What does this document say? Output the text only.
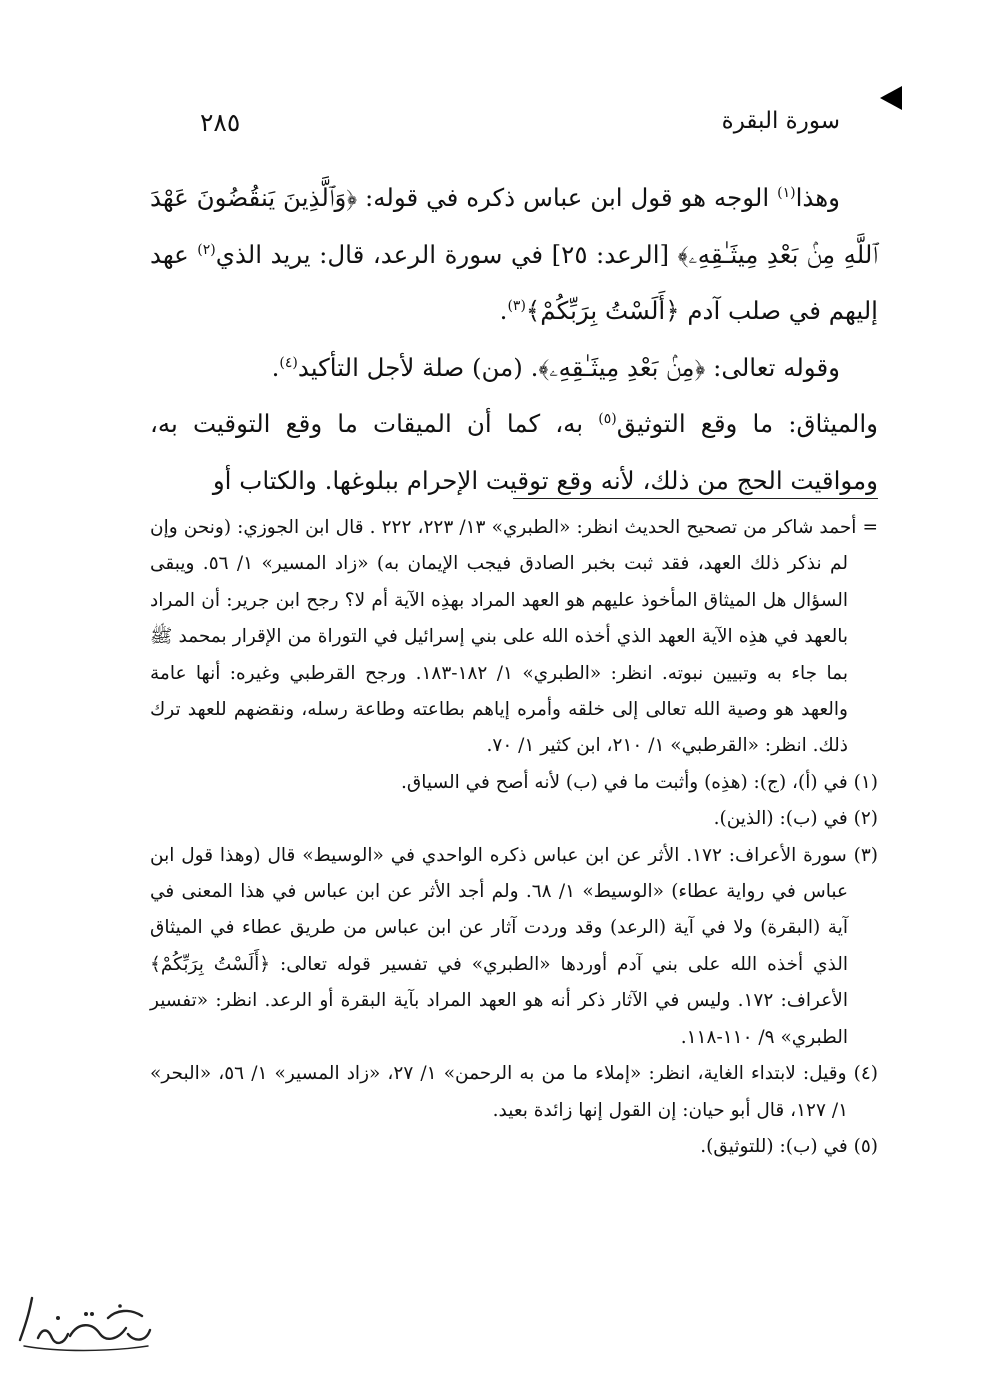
سورة البقرة
٢٨٥

وهذا$^{(١)}$ الوجه هو قول ابن عباس ذكره في قوله: ﴿وَٱلَّذِينَ يَنقُضُونَ عَهْدَ ٱللَّهِ مِنۢ بَعْدِ مِيثَـٰقِهِۦ﴾ [الرعد: ٢٥] في سورة الرعد، قال: يريد الذي$^{(٢)}$ عهد إليهم في صلب آدم ﴿أَلَسْتُ بِرَبِّكُمْ﴾$^{(٣)}$.

وقوله تعالى: ﴿مِنۢ بَعْدِ مِيثَـٰقِهِۦ﴾. (من) صلة لأجل التأكيد$^{(٤)}$.

والميثاق: ما وقع التوثيق$^{(٥)}$ به، كما أن الميقات ما وقع التوقيت به، ومواقيت الحج من ذلك، لأنه وقع توقيت الإحرام ببلوغها. والكتاب أو

= أحمد شاكر من تصحيح الحديث انظر: «الطبري» ١٣/ ٢٢٣، ٢٢٢ . قال ابن الجوزي: (ونحن وإن لم نذكر ذلك العهد، فقد ثبت بخبر الصادق فيجب الإيمان به) «زاد المسير» ١/ ٥٦. ويبقى السؤال هل الميثاق المأخوذ عليهم هو العهد المراد بهذِه الآية أم لا؟ رجح ابن جرير: أن المراد بالعهد في هذِه الآية العهد الذي أخذه الله على بني إسرائيل في التوراة من الإقرار بمحمد ﷺ بما جاء به وتبيين نبوته. انظر: «الطبري» ١/ ١٨٢-١٨٣. ورجح القرطبي وغيره: أنها عامة والعهد هو وصية الله تعالى إلى خلقه وأمره إياهم بطاعته وطاعة رسله، ونقضهم للعهد ترك ذلك. انظر: «القرطبي» ١/ ٢١٠، ابن كثير ١/ ٧٠.

(١) في (أ)، (ج): (هذِه) وأثبت ما في (ب) لأنه أصح في السياق.

(٢) في (ب): (الذين).

(٣) سورة الأعراف: ١٧٢. الأثر عن ابن عباس ذكره الواحدي في «الوسيط» قال (وهذا قول ابن عباس في رواية عطاء) «الوسيط» ١/ ٦٨. ولم أجد الأثر عن ابن عباس في هذا المعنى في آية (البقرة) ولا في آية (الرعد) وقد وردت آثار عن ابن عباس من طريق عطاء في الميثاق الذي أخذه الله على بني آدم أوردها «الطبري» في تفسير قوله تعالى: ﴿أَلَسْتُ بِرَبِّكُمْ﴾ الأعراف: ١٧٢. وليس في الآثار ذكر أنه هو العهد المراد بآية البقرة أو الرعد. انظر: «تفسير الطبري» ٩/ ١١٠-١١٨.

(٤) وقيل: لابتداء الغاية، انظر: «إملاء ما من به الرحمن» ١/ ٢٧، «زاد المسير» ١/ ٥٦، «البحر» ١/ ١٢٧، قال أبو حيان: إن القول إنها زائدة بعيد.

(٥) في (ب): (للتوثيق).
